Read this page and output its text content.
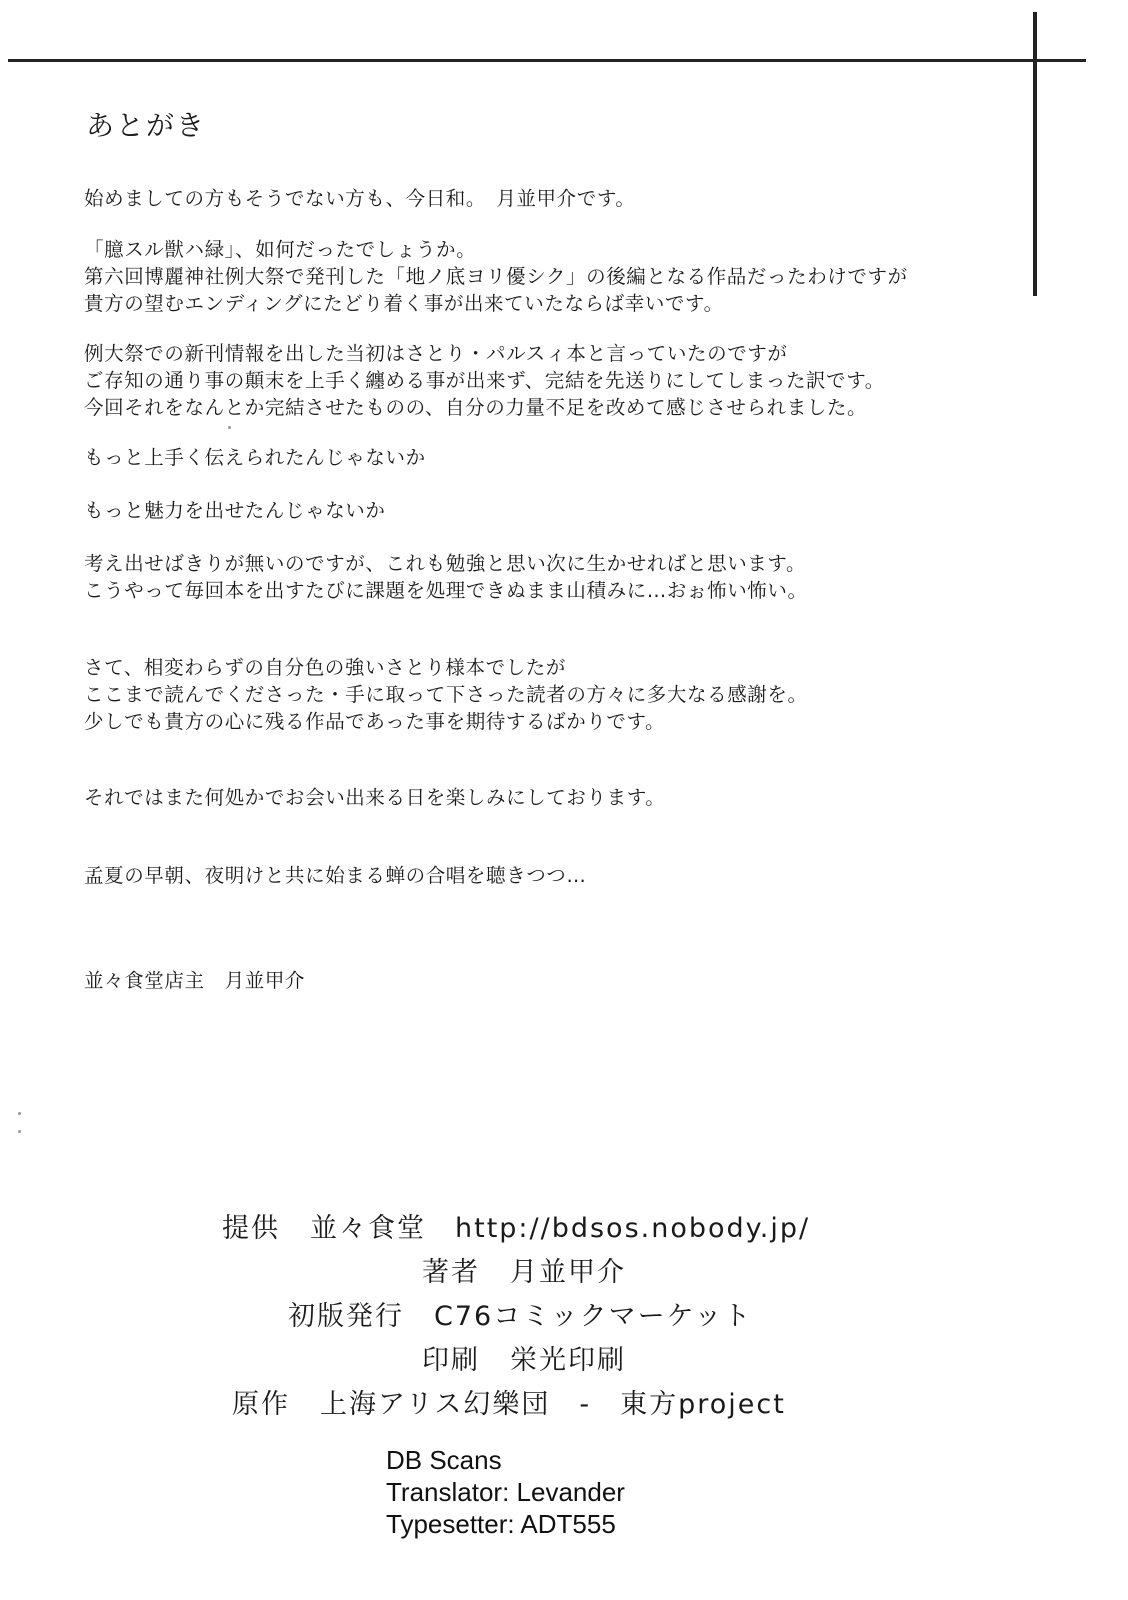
あとがき

始めましての方もそうでない方も、今日和。　月並甲介です。

「臆スル獣ハ緑」、如何だったでしょうか。
第六回博麗神社例大祭で発刊した「地ノ底ヨリ優シク」の後編となる作品だったわけですが
貴方の望むエンディングにたどり着く事が出来ていたならば幸いです。

例大祭での新刊情報を出した当初はさとり・パルスィ本と言っていたのですが
ご存知の通り事の顛末を上手く纏める事が出来ず、完結を先送りにしてしまった訳です。
今回それをなんとか完結させたものの、自分の力量不足を改めて感じさせられました。

もっと上手く伝えられたんじゃないか

もっと魅力を出せたんじゃないか

考え出せばきりが無いのですが、これも勉強と思い次に生かせればと思います。
こうやって毎回本を出すたびに課題を処理できぬまま山積みに…おぉ怖い怖い。

さて、相変わらずの自分色の強いさとり様本でしたが
ここまで読んでくださった・手に取って下さった読者の方々に多大なる感謝を。
少しでも貴方の心に残る作品であった事を期待するばかりです。

それではまた何処かでお会い出来る日を楽しみにしております。

孟夏の早朝、夜明けと共に始まる蝉の合唱を聴きつつ…

並々食堂店主　月並甲介

提供 並々食堂　http://bdsos.nobody.jp/
著者 月並甲介
初版発行 C76コミックマーケット
印刷 栄光印刷
原作 上海アリス幻樂団　-　東方project
DB Scans
Translator: Levander
Typesetter: ADT555
